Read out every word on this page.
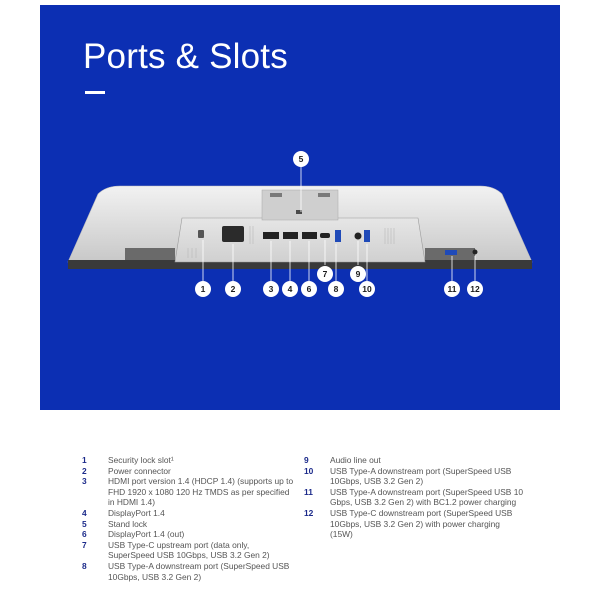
Ports & Slots
5
1	2	3	4	6
7
8
9
10	11	12
1	Security lock slot¹
2	Power connector
3	HDMI port version 1.4 (HDCP 1.4) (supports up to FHD 1920 x 1080 120 Hz TMDS as per specified in HDMI 1.4)
4	DisplayPort 1.4
5	Stand lock
6	DisplayPort 1.4 (out)
7	USB Type-C upstream port (data only, SuperSpeed USB 10Gbps, USB 3.2 Gen 2)
8	USB Type-A downstream port (SuperSpeed USB 10Gbps, USB 3.2 Gen 2)
9	Audio line out
10	USB Type-A downstream port (SuperSpeed USB 10Gbps, USB 3.2 Gen 2)
11	USB Type-A downstream port (SuperSpeed USB 10 Gbps, USB 3.2 Gen 2) with BC1.2 power charging
12	USB Type-C downstream port (SuperSpeed USB 10Gbps, USB 3.2 Gen 2) with power charging (15W)
